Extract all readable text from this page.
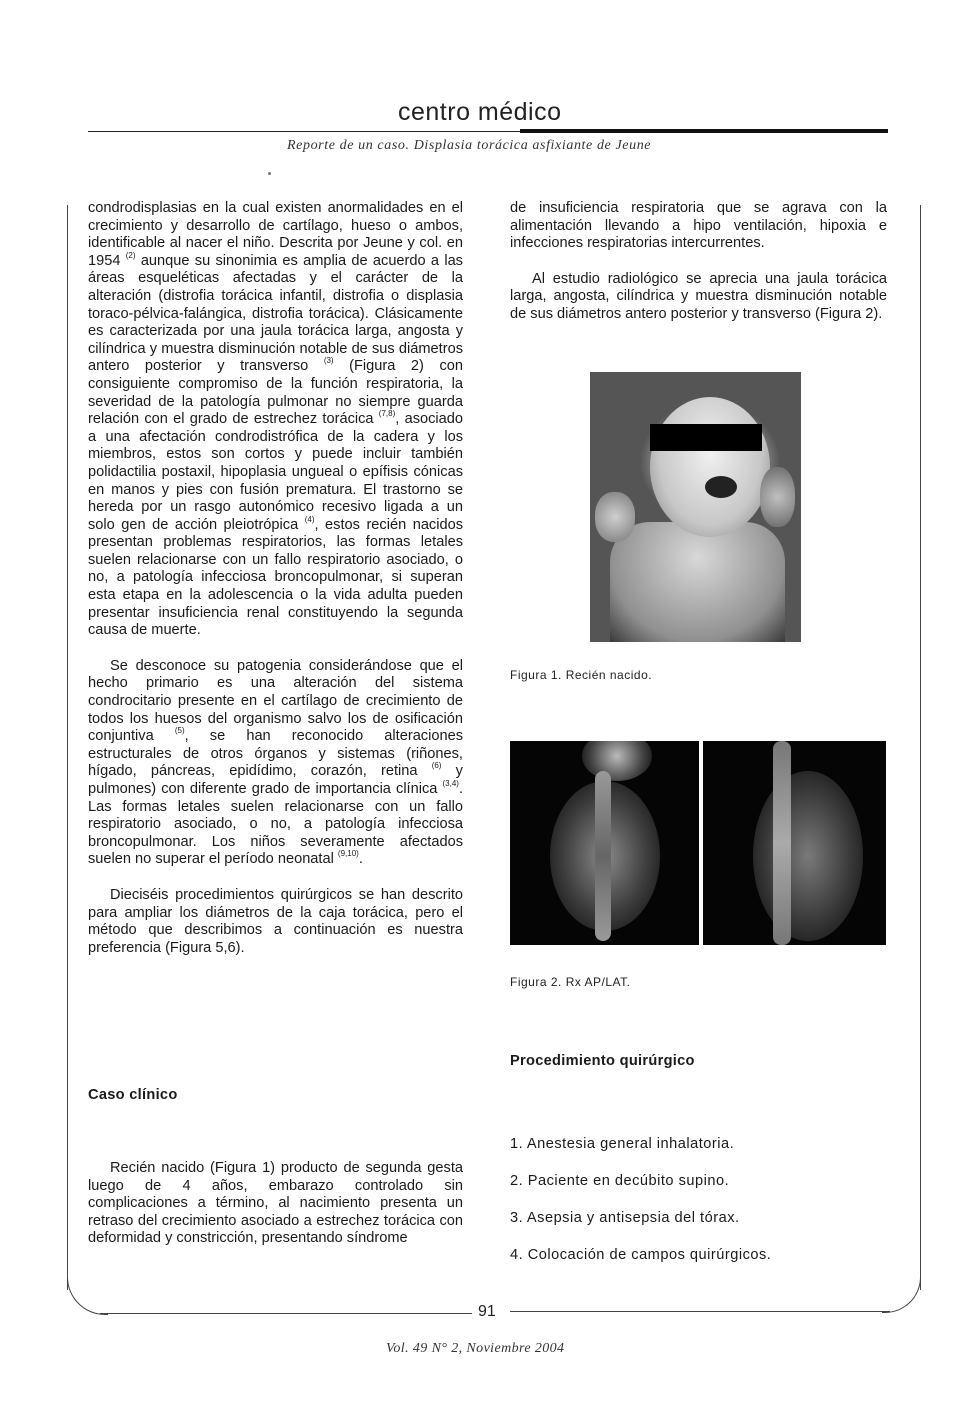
centro médico
Reporte de un caso. Displasia torácica asfixiante de Jeune

condrodisplasias en la cual existen anormalidades en el crecimiento y desarrollo de cartílago, hueso o ambos, identificable al nacer el niño. Descrita por Jeune y col. en 1954 $^{(2)}$ aunque su sinonimia es amplia de acuerdo a las áreas esqueléticas afectadas y el carácter de la alteración (distrofia torácica infantil, distrofia o displasia toraco-pélvica-falángica, distrofia torácica). Clásicamente es caracterizada por una jaula torácica larga, angosta y cilíndrica y muestra disminución notable de sus diámetros antero posterior y transverso $^{(3)}$ (Figura 2) con consiguiente compromiso de la función respiratoria, la severidad de la patología pulmonar no siempre guarda relación con el grado de estrechez torácica $^{(7,8)}$, asociado a una afectación condrodistrófica de la cadera y los miembros, estos son cortos y puede incluir también polidactilia postaxil, hipoplasia ungueal o epífisis cónicas en manos y pies con fusión prematura. El trastorno se hereda por un rasgo autonómico recesivo ligada a un solo gen de acción pleiotrópica $^{(4)}$, estos recién nacidos presentan problemas respiratorios, las formas letales suelen relacionarse con un fallo respiratorio asociado, o no, a patología infecciosa broncopulmonar, si superan esta etapa en la adolescencia o la vida adulta pueden presentar insuficiencia renal constituyendo la segunda causa de muerte.

Se desconoce su patogenia considerándose que el hecho primario es una alteración del sistema condrocitario presente en el cartílago de crecimiento de todos los huesos del organismo salvo los de osificación conjuntiva $^{(5)}$, se han reconocido alteraciones estructurales de otros órganos y sistemas (riñones, hígado, páncreas, epidídimo, corazón, retina $^{(6)}$ y pulmones) con diferente grado de importancia clínica $^{(3,4)}$. Las formas letales suelen relacionarse con un fallo respiratorio asociado, o no, a patología infecciosa broncopulmonar. Los niños severamente afectados suelen no superar el período neonatal $^{(9,10)}$.

Dieciséis procedimientos quirúrgicos se han descrito para ampliar los diámetros de la caja torácica, pero el método que describimos a continuación es nuestra preferencia (Figura 5,6).

Caso clínico

Recién nacido (Figura 1) producto de segunda gesta luego de 4 años, embarazo controlado sin complicaciones a término, al nacimiento presenta un retraso del crecimiento asociado a estrechez torácica con deformidad y constricción, presentando síndrome

de insuficiencia respiratoria que se agrava con la alimentación llevando a hipo ventilación, hipoxia e infecciones respiratorias intercurrentes.

Al estudio radiológico se aprecia una jaula torácica larga, angosta, cilíndrica y muestra disminución notable de sus diámetros antero posterior y transverso (Figura 2).

Figura 1. Recién nacido.
Figura 2. Rx AP/LAT.
Procedimiento quirúrgico
1. Anestesia general inhalatoria.
2. Paciente en decúbito supino.
3. Asepsia y antisepsia del tórax.
4. Colocación de campos quirúrgicos.
91
Vol. 49 N° 2, Noviembre 2004
